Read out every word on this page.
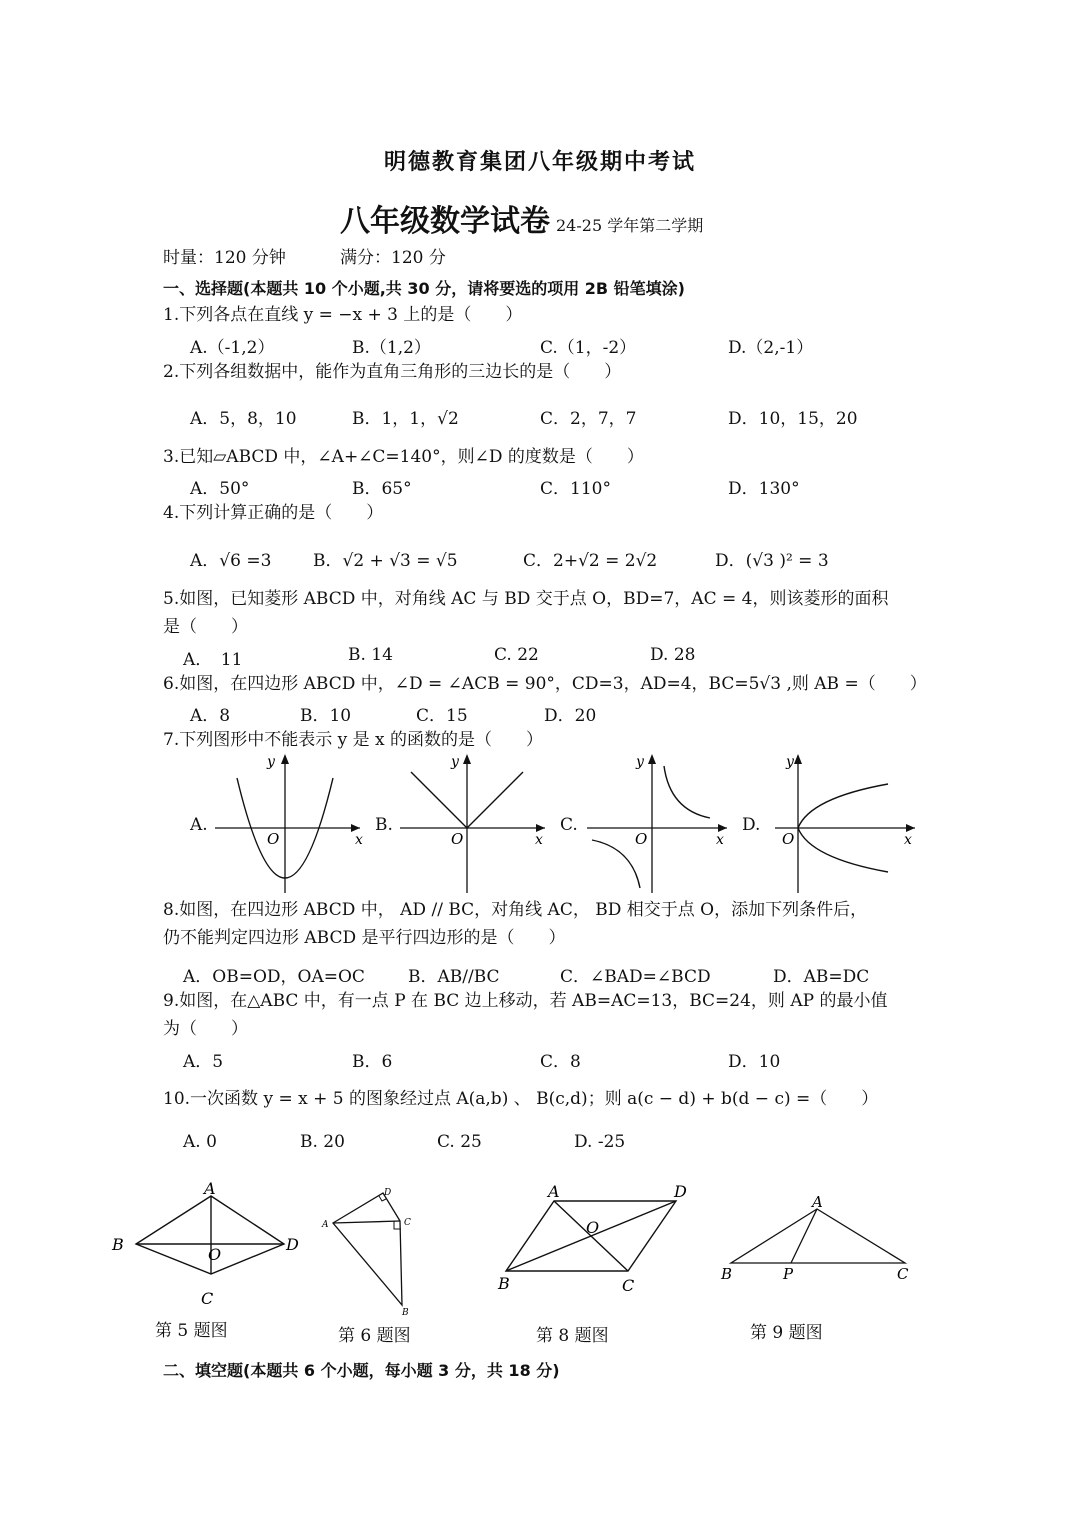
明德教育集团八年级期中考试
八年级数学试卷 24-25 学年第二学期
时量：120 分钟	满分：120 分
一、选择题(本题共 10 个小题,共 30 分，请将要选的项用 2B 铅笔填涂)
1.下列各点在直线 y = −x + 3 上的是（　　）
A.（-1,2）	B.（1,2）	C.（1，-2）	D.（2,-1）
2.下列各组数据中，能作为直角三角形的三边长的是（　　）
A．5，8，10	B．1，1，√2	C．2，7，7	D．10，15，20
3.已知▱ABCD 中，∠A+∠C=140°，则∠D 的度数是（　　）
A．50°	B．65°	C．110°	D．130°
4.下列计算正确的是（　　）
A．√6 =3 B．√2 + √3 = √5	C．2+√2 = 2√2	D．(√3 )² = 3
5.如图，已知菱形 ABCD 中，对角线 AC 与 BD 交于点 O，BD=7，AC = 4，则该菱形的面积
是（　　）
A．　11	B. 14	C. 22	D. 28
6.如图，在四边形 ABCD 中，∠D = ∠ACB = 90°，CD=3，AD=4，BC=5√3 ,则 AB =（　　）
A．8	B．10	C．15	D．20
7.下列图形中不能表示 y 是 x 的函数的是（　　）
A.	B.	C.	D.
y
x
O
y
x
O
y
x
O
y
x
O
8.如图，在四边形 ABCD 中， AD // BC，对角线 AC， BD 相交于点 O，添加下列条件后，
仍不能判定四边形 ABCD 是平行四边形的是（　　）
A．OB=OD，OA=OC	B．AB//BC	C．∠BAD=∠BCD	D．AB=DC
9.如图，在△ABC 中，有一点 P 在 BC 边上移动，若 AB=AC=13，BC=24，则 AP 的最小值
为（　　）
A．5	B．6	C．8	D．10
10.一次函数 y = x + 5 的图象经过点 A(a,b) 、 B(c,d)；则 a(c − d) + b(d − c) =（　　）
A. 0	B. 20	C. 25	D. -25
A
B
C
D
O
第 5 题图
A
D
C
B
第 6 题图
A	D
B	C
O
第 8 题图
A
B	P	C
第 9 题图
二、填空题(本题共 6 个小题，每小题 3 分，共 18 分)
